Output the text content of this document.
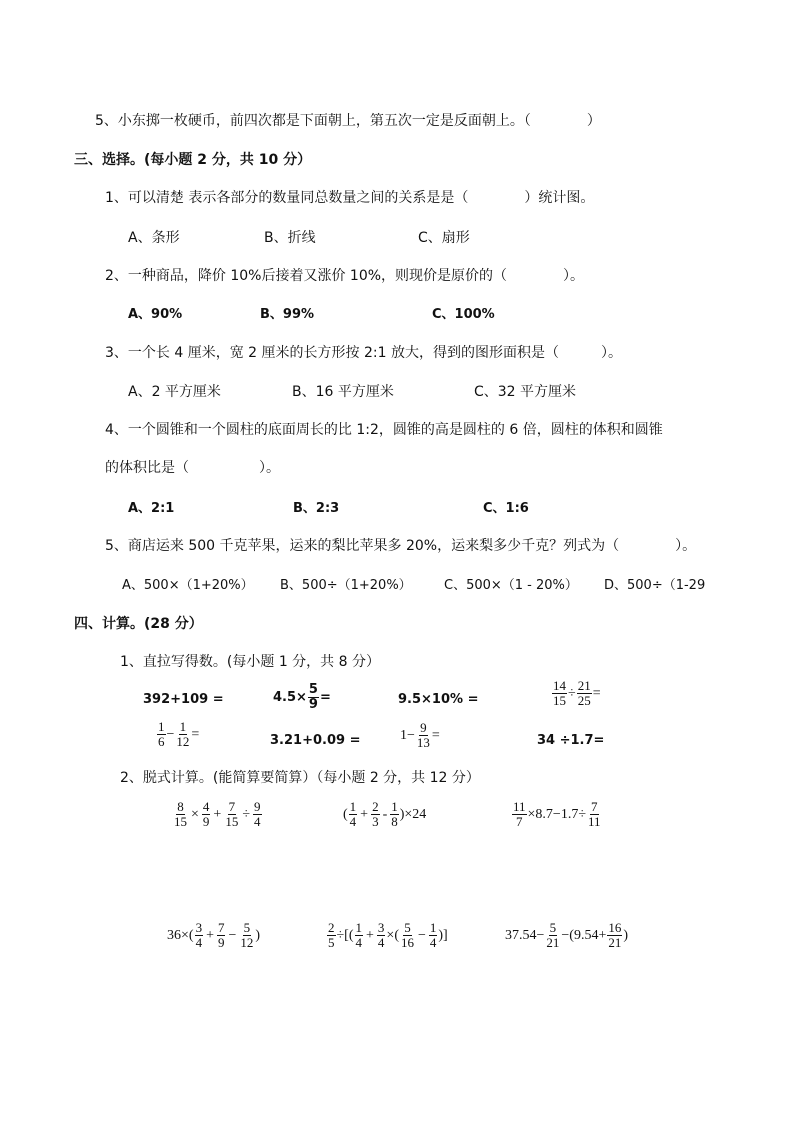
5、小东掷一枚硬币，前四次都是下面朝上，第五次一定是反面朝上。（　　　　）
三、选择。(每小题 2 分，共 10 分）
1、可以清楚 表示各部分的数量同总数量之间的关系是是（　　　　）统计图。
A、条形	B、折线	C、扇形
2、一种商品，降价 10%后接着又涨价 10%，则现价是原价的（　　　　）。
A、90%	B、99%	C、100%
3、一个长 4 厘米，宽 2 厘米的长方形按 2:1 放大，得到的图形面积是（　　　）。
A、2 平方厘米	B、16 平方厘米	C、32 平方厘米
4、一个圆锥和一个圆柱的底面周长的比 1:2，圆锥的高是圆柱的 6 倍，圆柱的体积和圆锥
的体积比是（　　　　　）。
A、2:1	B、2:3	C、1:6
5、商店运来 500 千克苹果，运来的梨比苹果多 20%，运来梨多少千克？列式为（　　　　）。
A、500×（1+20%） B、500÷（1+20%） C、500×（1 - 20%） D、500÷（1-29
四、计算。(28 分）
1、直拉写得数。(每小题 1 分，共 8 分）
392+109 =	$4.5\times \frac{5}{9}$ =	9.5×10% =	$\frac{14}{15} \div \frac{21}{25}$ =
$\frac{1}{6} - \frac{1}{12}$ =	3.21+0.09 =	$1- \frac{9}{13}$ =	34 ÷1.7=
2、脱式计算。(能简算要简算）（每小题 2 分，共 12 分）
$\frac{8}{15} \times \frac{4}{9} + \frac{7}{15} \div \frac{9}{4}$	( $\frac{1}{4} + \frac{2}{3} - \frac{1}{8} )\times 24$	$\frac{11}{7} \times 8.7-1.7\div \frac{7}{11}$
$36\times( \frac{3}{4} + \frac{7}{9} - \frac{5}{12}$ )	$\frac{2}{5}$ ÷[( $\frac{1}{4} + \frac{3}{4}$ ×( $\frac{5}{16} - \frac{1}{4}$ )]	$37.54- \frac{5}{21} -(9.54+ \frac{16}{21}$ )
